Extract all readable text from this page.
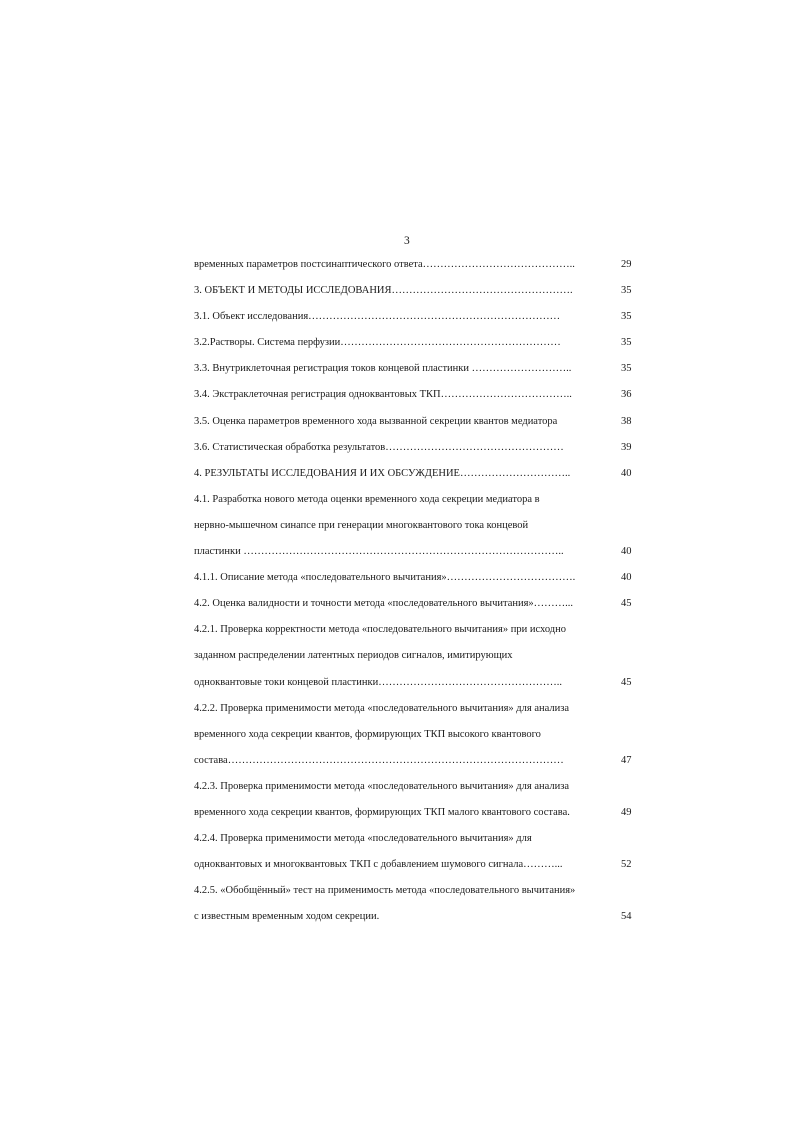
3
временных параметров постсинаптического ответа……………………………………..	29
3. ОБЪЕКТ И МЕТОДЫ ИССЛЕДОВАНИЯ…………………………………………….	35
3.1. Объект исследования………………………………………………………………	35
3.2.Растворы. Система перфузии………………………………………………………	35
3.3. Внутриклеточная регистрация токов концевой пластинки ………………………..	35
3.4. Экстраклеточная регистрация одноквантовых ТКП………………………………..	36
3.5. Оценка параметров временного хода вызванной секреции квантов медиатора	38
3.6. Статистическая обработка результатов……………………………………………	39
4. РЕЗУЛЬТАТЫ ИССЛЕДОВАНИЯ И ИХ ОБСУЖДЕНИЕ…………………………..	40
4.1. Разработка нового метода оценки временного хода секреции медиатора в
нервно-мышечном синапсе при генерации многоквантового тока концевой
пластинки ………………………………………………………………………………..	40
4.1.1. Описание метода «последовательного вычитания»……………………………….	40
4.2. Оценка валидности и точности метода «последовательного вычитания»………...	45
4.2.1. Проверка корректности метода «последовательного вычитания» при исходно
заданном распределении латентных периодов сигналов, имитирующих
одноквантовые токи концевой пластинки……………………………………………..	45
4.2.2. Проверка применимости метода «последовательного вычитания» для анализа
временного хода секреции квантов, формирующих ТКП высокого квантового
состава……………………………………………………………………………………	47
4.2.3. Проверка применимости метода «последовательного вычитания» для анализа
временного хода секреции квантов, формирующих ТКП малого квантового состава.	49
4.2.4. Проверка применимости метода «последовательного вычитания» для
одноквантовых и многоквантовых ТКП с добавлением шумового сигнала………...	52
4.2.5. «Обобщённый» тест на применимость метода «последовательного вычитания»
с известным временным ходом секреции.	54
